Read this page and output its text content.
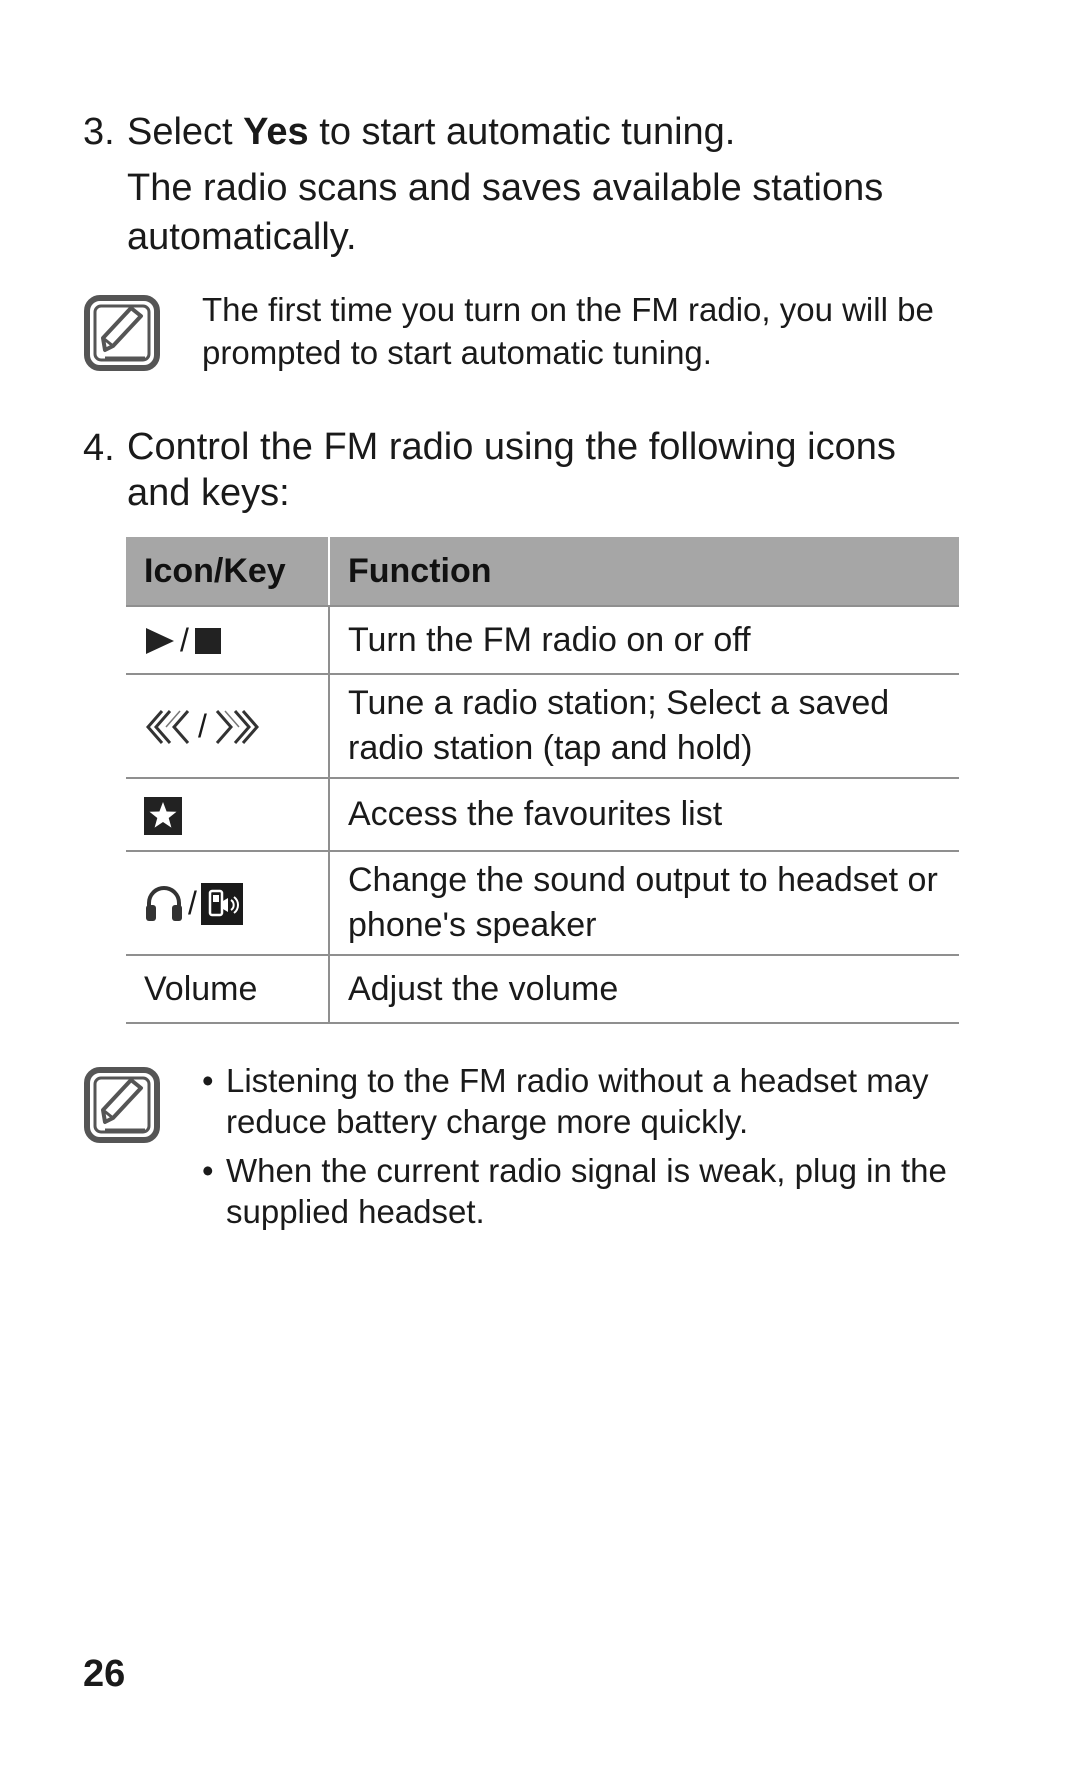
3. Select Yes to start automatic tuning.
The radio scans and saves available stations automatically.
The first time you turn on the FM radio, you will be prompted to start automatic tuning.
4. Control the FM radio using the following icons and keys:
Icon/Key	Function
/	Turn the FM radio on or off
/	Tune a radio station; Select a saved radio station (tap and hold)
	Access the favourites list
/	Change the sound output to headset or phone's speaker
Volume	Adjust the volume
• Listening to the FM radio without a headset may reduce battery charge more quickly.
• When the current radio signal is weak, plug in the supplied headset.
26
